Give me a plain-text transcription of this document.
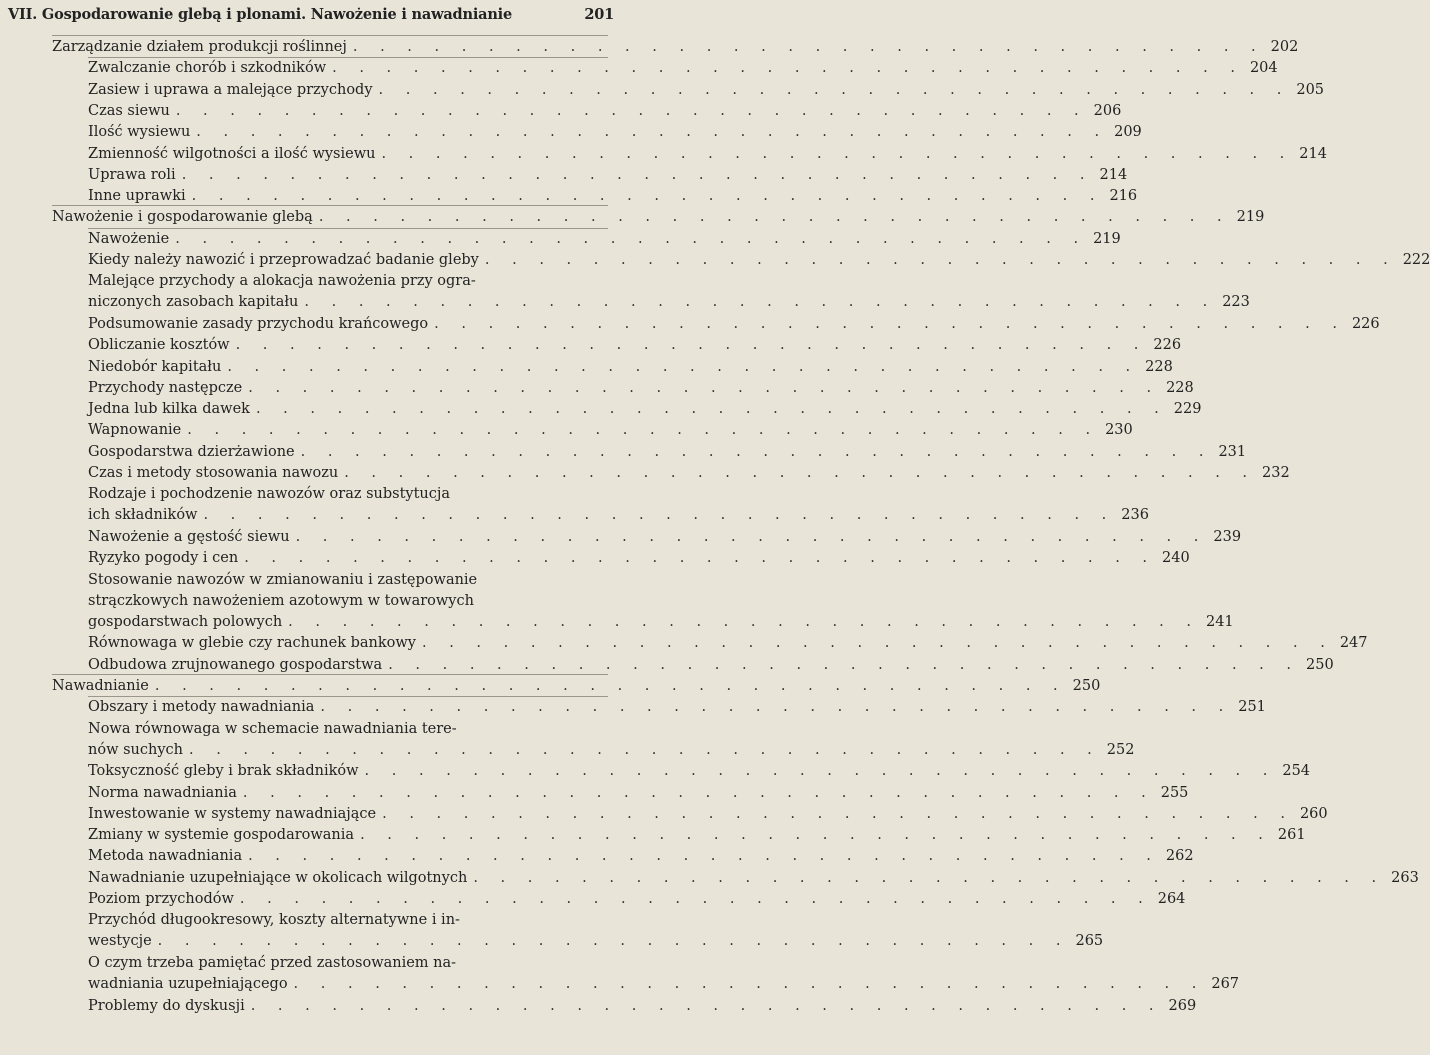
VII. Gospodarowanie glebą i plonami. Nawożenie i nawadnianie	201
Zarządzanie działem produkcji roślinnej . . . . . . . . . . . . . . . . . . . . . . . . . . . . . . . . . . 202
Zwalczanie chorób i szkodników . . . . . . . . . . . . . . . . . . . . . . . . . . . . . . . . . . 204
Zasiew i uprawa a malejące przychody . . . . . . . . . . . . . . . . . . . . . . . . . . . . . . . . . . 205
Czas siewu . . . . . . . . . . . . . . . . . . . . . . . . . . . . . . . . . . 206
Ilość wysiewu . . . . . . . . . . . . . . . . . . . . . . . . . . . . . . . . . . 209
Zmienność wilgotności a ilość wysiewu . . . . . . . . . . . . . . . . . . . . . . . . . . . . . . . . . . 214
Uprawa roli . . . . . . . . . . . . . . . . . . . . . . . . . . . . . . . . . . 214
Inne uprawki . . . . . . . . . . . . . . . . . . . . . . . . . . . . . . . . . . 216
Nawożenie i gospodarowanie glebą . . . . . . . . . . . . . . . . . . . . . . . . . . . . . . . . . . 219
Nawożenie . . . . . . . . . . . . . . . . . . . . . . . . . . . . . . . . . . 219
Kiedy należy nawozić i przeprowadzać badanie gleby . . . . . . . . . . . . . . . . . . . . . . . . . . . . . . . . . . 222
Malejące przychody a alokacja nawożenia przy ogra-
niczonych zasobach kapitału . . . . . . . . . . . . . . . . . . . . . . . . . . . . . . . . . . 223
Podsumowanie zasady przychodu krańcowego . . . . . . . . . . . . . . . . . . . . . . . . . . . . . . . . . . 226
Obliczanie kosztów . . . . . . . . . . . . . . . . . . . . . . . . . . . . . . . . . . 226
Niedobór kapitału . . . . . . . . . . . . . . . . . . . . . . . . . . . . . . . . . . 228
Przychody następcze . . . . . . . . . . . . . . . . . . . . . . . . . . . . . . . . . . 228
Jedna lub kilka dawek . . . . . . . . . . . . . . . . . . . . . . . . . . . . . . . . . . 229
Wapnowanie . . . . . . . . . . . . . . . . . . . . . . . . . . . . . . . . . . 230
Gospodarstwa dzierżawione . . . . . . . . . . . . . . . . . . . . . . . . . . . . . . . . . . 231
Czas i metody stosowania nawozu . . . . . . . . . . . . . . . . . . . . . . . . . . . . . . . . . . 232
Rodzaje i pochodzenie nawozów oraz substytucja
ich składników . . . . . . . . . . . . . . . . . . . . . . . . . . . . . . . . . . 236
Nawożenie a gęstość siewu . . . . . . . . . . . . . . . . . . . . . . . . . . . . . . . . . . 239
Ryzyko pogody i cen . . . . . . . . . . . . . . . . . . . . . . . . . . . . . . . . . . 240
Stosowanie nawozów w zmianowaniu i zastępowanie
strączkowych nawożeniem azotowym w towarowych
gospodarstwach polowych . . . . . . . . . . . . . . . . . . . . . . . . . . . . . . . . . . 241
Równowaga w glebie czy rachunek bankowy . . . . . . . . . . . . . . . . . . . . . . . . . . . . . . . . . . 247
Odbudowa zrujnowanego gospodarstwa . . . . . . . . . . . . . . . . . . . . . . . . . . . . . . . . . . 250
Nawadnianie . . . . . . . . . . . . . . . . . . . . . . . . . . . . . . . . . . 250
Obszary i metody nawadniania . . . . . . . . . . . . . . . . . . . . . . . . . . . . . . . . . . 251
Nowa równowaga w schemacie nawadniania tere-
nów suchych . . . . . . . . . . . . . . . . . . . . . . . . . . . . . . . . . . 252
Toksyczność gleby i brak składników . . . . . . . . . . . . . . . . . . . . . . . . . . . . . . . . . . 254
Norma nawadniania . . . . . . . . . . . . . . . . . . . . . . . . . . . . . . . . . . 255
Inwestowanie w systemy nawadniające . . . . . . . . . . . . . . . . . . . . . . . . . . . . . . . . . . 260
Zmiany w systemie gospodarowania . . . . . . . . . . . . . . . . . . . . . . . . . . . . . . . . . . 261
Metoda nawadniania . . . . . . . . . . . . . . . . . . . . . . . . . . . . . . . . . . 262
Nawadnianie uzupełniające w okolicach wilgotnych . . . . . . . . . . . . . . . . . . . . . . . . . . . . . . . . . . 263
Poziom przychodów . . . . . . . . . . . . . . . . . . . . . . . . . . . . . . . . . . 264
Przychód długookresowy, koszty alternatywne i in-
westycje . . . . . . . . . . . . . . . . . . . . . . . . . . . . . . . . . . 265
O czym trzeba pamiętać przed zastosowaniem na-
wadniania uzupełniającego . . . . . . . . . . . . . . . . . . . . . . . . . . . . . . . . . . 267
Problemy do dyskusji . . . . . . . . . . . . . . . . . . . . . . . . . . . . . . . . . . 269
